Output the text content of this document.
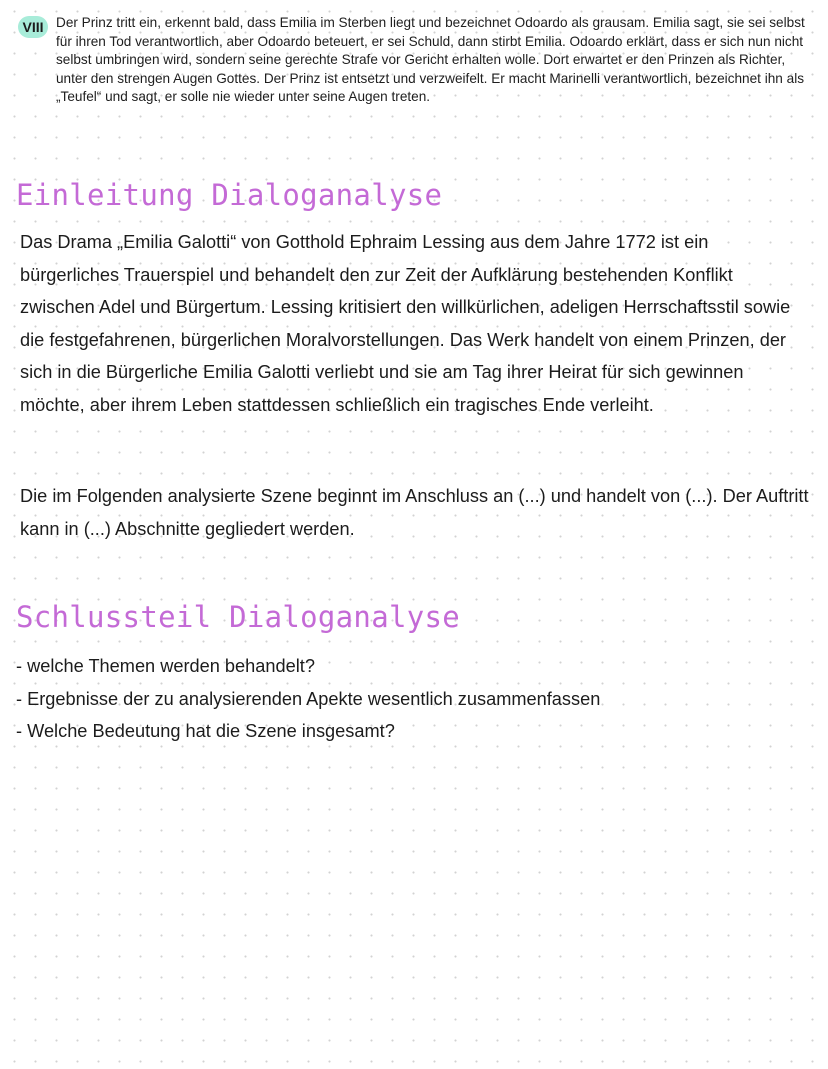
VIII Der Prinz tritt ein, erkennt bald, dass Emilia im Sterben liegt und bezeichnet Odoardo als grausam. Emilia sagt, sie sei selbst für ihren Tod verantwortlich, aber Odoardo beteuert, er sei Schuld, dann stirbt Emilia. Odoardo erklärt, dass er sich nun nicht selbst umbringen wird, sondern seine gerechte Strafe vor Gericht erhalten wolle. Dort erwartet er den Prinzen als Richter, unter den strengen Augen Gottes. Der Prinz ist entsetzt und verzweifelt. Er macht Marinelli verantwortlich, bezeichnet ihn als „Teufel“ und sagt, er solle nie wieder unter seine Augen treten.

Einleitung Dialoganalyse

Das Drama „Emilia Galotti“ von Gotthold Ephraim Lessing aus dem Jahre 1772 ist ein bürgerliches Trauerspiel und behandelt den zur Zeit der Aufklärung bestehenden Konflikt zwischen Adel und Bürgertum. Lessing kritisiert den willkürlichen, adeligen Herrschaftsstil sowie die festgefahrenen, bürgerlichen Moralvorstellungen. Das Werk handelt von einem Prinzen, der sich in die Bürgerliche Emilia Galotti verliebt und sie am Tag ihrer Heirat für sich gewinnen möchte, aber ihrem Leben stattdessen schließlich ein tragisches Ende verleiht.

Die im Folgenden analysierte Szene beginnt im Anschluss an (...) und handelt von (...). Der Auftritt kann in (...) Abschnitte gegliedert werden.

Schlussteil Dialoganalyse
- welche Themen werden behandelt?
- Ergebnisse der zu analysierenden Apekte wesentlich zusammenfassen
- Welche Bedeutung hat die Szene insgesamt?
